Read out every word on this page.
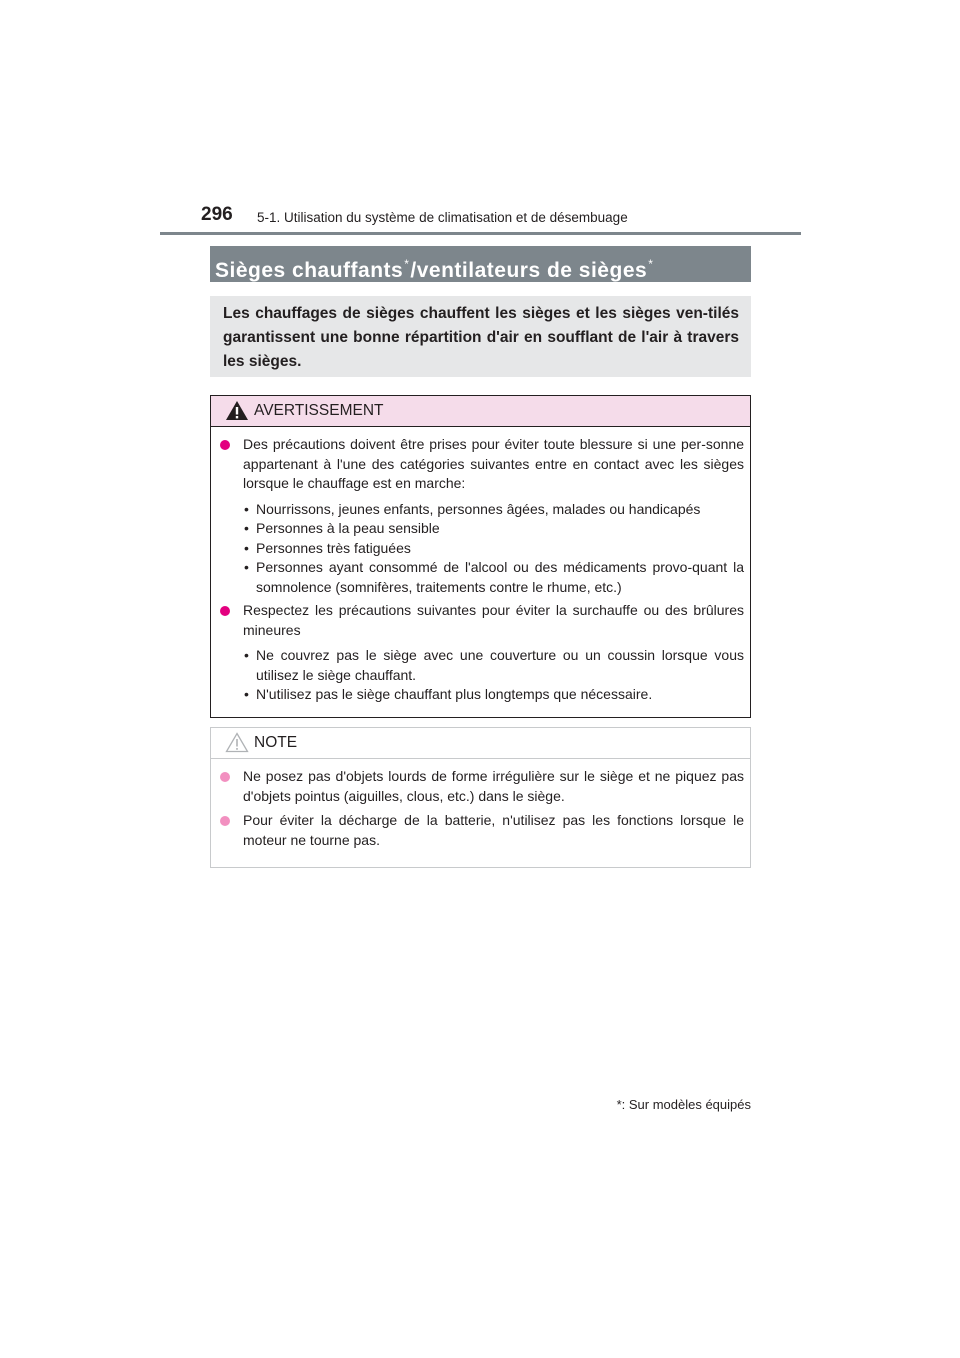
296 5-1. Utilisation du système de climatisation et de désembuage
Sièges chauffants*/ventilateurs de sièges*
Les chauffages de sièges chauffent les sièges et les sièges ven-tilés garantissent une bonne répartition d'air en soufflant de l'air à travers les sièges.
AVERTISSEMENT

Des précautions doivent être prises pour éviter toute blessure si une per-sonne appartenant à l'une des catégories suivantes entre en contact avec les sièges lorsque le chauffage est en marche:

• Nourrissons, jeunes enfants, personnes âgées, malades ou handicapés
• Personnes à la peau sensible
• Personnes très fatiguées
• Personnes ayant consommé de l'alcool ou des médicaments provo-quant la somnolence (somnifères, traitements contre le rhume, etc.)

Respectez les précautions suivantes pour éviter la surchauffe ou des brûlures mineures

• Ne couvrez pas le siège avec une couverture ou un coussin lorsque vous utilisez le siège chauffant.
• N'utilisez pas le siège chauffant plus longtemps que nécessaire.
NOTE

Ne posez pas d'objets lourds de forme irrégulière sur le siège et ne piquez pas d'objets pointus (aiguilles, clous, etc.) dans le siège.

Pour éviter la décharge de la batterie, n'utilisez pas les fonctions lorsque le moteur ne tourne pas.

*: Sur modèles équipés
